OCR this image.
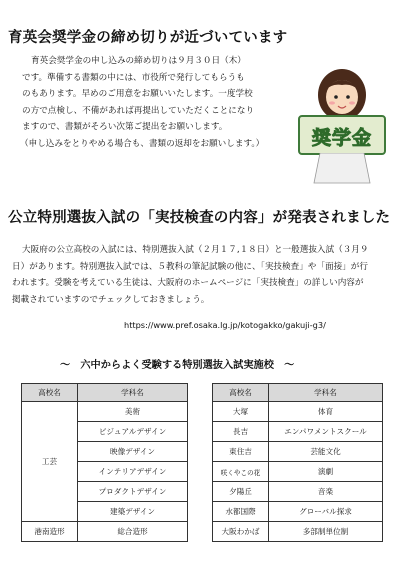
育英会奨学金の締め切りが近づいています

育英会奨学金の申し込みの締め切りは９月３０日（木）

です。準備する書類の中には、市役所で発行してもらうも

のもあります。早めのご用意をお願いいたします。一度学校

の方で点検し、不備があれば再提出していただくことになり

ますので、書類がそろい次第ご提出をお願いします。

（申し込みをとりやめる場合も、書類の返却をお願いします。）	奨学金
公立特別選抜入試の「実技検査の内容」が発表されました

大阪府の公立高校の入試には、特別選抜入試（２月１７,１８日）と一般選抜入試（３月９

日）があります。特別選抜入試では、５教科の筆記試験の他に、「実技検査」や「面接」が行

われます。受験を考えている生徒は、大阪府のホームページに「実技検査」の詳しい内容が

掲載されていますのでチェックしておきましょう。

https://www.pref.osaka.lg.jp/kotogakko/gakuji-g3/
～　六中からよく受験する特別選抜入試実施校　～
高校名	学科名
工芸	美術
	ビジュアルデザイン
	映像デザイン
	インテリアデザイン
	プロダクトデザイン
	建築デザイン
港南造形	総合造形
高校名	学科名
大塚	体育
長吉	エンパワメントスクール
東住吉	芸能文化
咲くやこの花	演劇
夕陽丘	音楽
水都国際	グローバル探求
大阪わかば	多部制単位制
